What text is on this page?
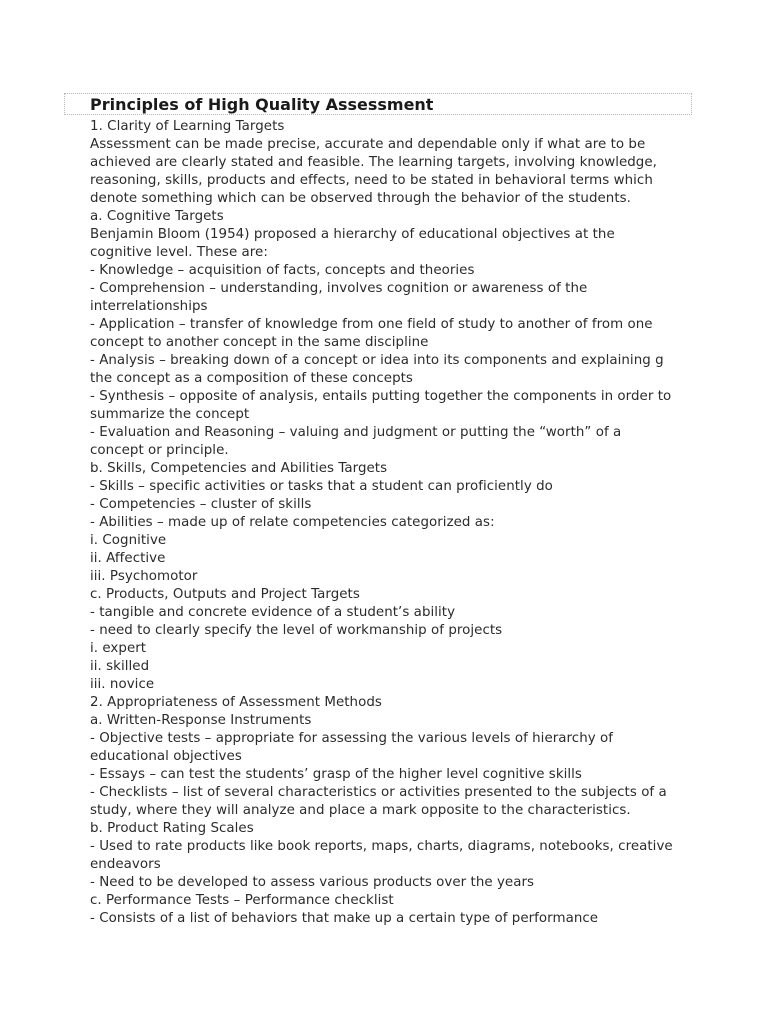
Principles of High Quality Assessment
1. Clarity of Learning Targets
Assessment can be made precise, accurate and dependable only if what are to be
achieved are clearly stated and feasible. The learning targets, involving knowledge,
reasoning, skills, products and effects, need to be stated in behavioral terms which
denote something which can be observed through the behavior of the students.
a. Cognitive Targets
Benjamin Bloom (1954) proposed a hierarchy of educational objectives at the
cognitive level. These are:
- Knowledge – acquisition of facts, concepts and theories
- Comprehension – understanding, involves cognition or awareness of the
interrelationships
- Application – transfer of knowledge from one field of study to another of from one
concept to another concept in the same discipline
- Analysis – breaking down of a concept or idea into its components and explaining g
the concept as a composition of these concepts
- Synthesis – opposite of analysis, entails putting together the components in order to
summarize the concept
- Evaluation and Reasoning – valuing and judgment or putting the “worth” of a
concept or principle.
b. Skills, Competencies and Abilities Targets
- Skills – specific activities or tasks that a student can proficiently do
- Competencies – cluster of skills
- Abilities – made up of relate competencies categorized as:
i. Cognitive
ii. Affective
iii. Psychomotor
c. Products, Outputs and Project Targets
- tangible and concrete evidence of a student’s ability
- need to clearly specify the level of workmanship of projects
i. expert
ii. skilled
iii. novice
2. Appropriateness of Assessment Methods
a. Written-Response Instruments
- Objective tests – appropriate for assessing the various levels of hierarchy of
educational objectives
- Essays – can test the students’ grasp of the higher level cognitive skills
- Checklists – list of several characteristics or activities presented to the subjects of a
study, where they will analyze and place a mark opposite to the characteristics.
b. Product Rating Scales
- Used to rate products like book reports, maps, charts, diagrams, notebooks, creative
endeavors
- Need to be developed to assess various products over the years
c. Performance Tests – Performance checklist
- Consists of a list of behaviors that make up a certain type of performance
